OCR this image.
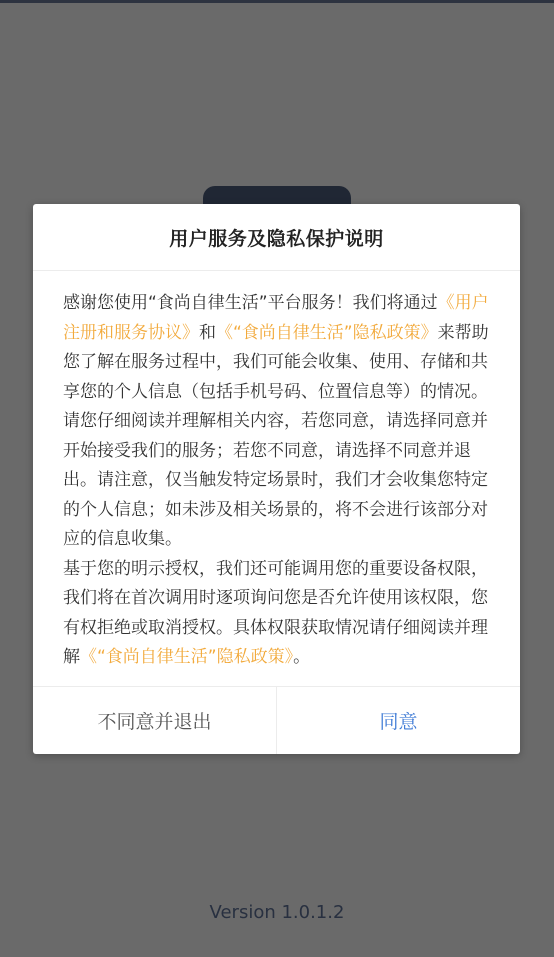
Version 1.0.1.2
用户服务及隐私保护说明

感谢您使用“食尚自律生活”平台服务！我们将通过《用户注册和服务协议》和《“食尚自律生活”隐私政策》来帮助您了解在服务过程中，我们可能会收集、使用、存储和共享您的个人信息（包括手机号码、位置信息等）的情况。请您仔细阅读并理解相关内容，若您同意，请选择同意并开始接受我们的服务；若您不同意，请选择不同意并退出。请注意，仅当触发特定场景时，我们才会收集您特定的个人信息；如未涉及相关场景的，将不会进行该部分对应的信息收集。

基于您的明示授权，我们还可能调用您的重要设备权限，我们将在首次调用时逐项询问您是否允许使用该权限，您有权拒绝或取消授权。具体权限获取情况请仔细阅读并理解《“食尚自律生活”隐私政策》。

不同意并退出	同意
